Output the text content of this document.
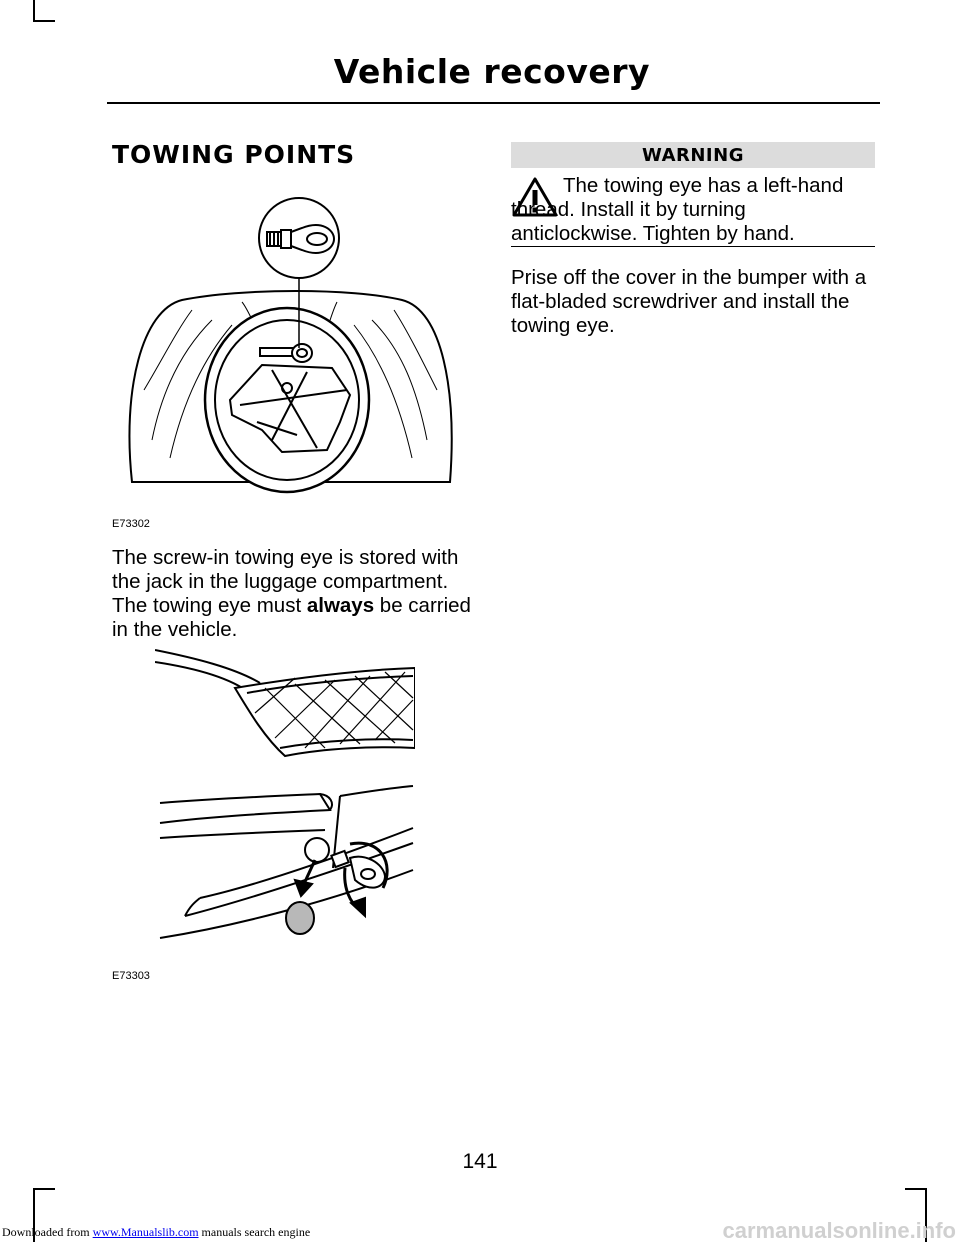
Vehicle recovery
TOWING POINTS
E73302
The screw-in towing eye is stored with the jack in the luggage compartment. The towing eye must always be carried in the vehicle.
E73303
WARNING
The towing eye has a left-hand thread. Install it by turning anticlockwise. Tighten by hand.
Prise off the cover in the bumper with a flat-bladed screwdriver and install the towing eye.
141
Downloaded from www.Manualslib.com manuals search engine	carmanualsonline.info
